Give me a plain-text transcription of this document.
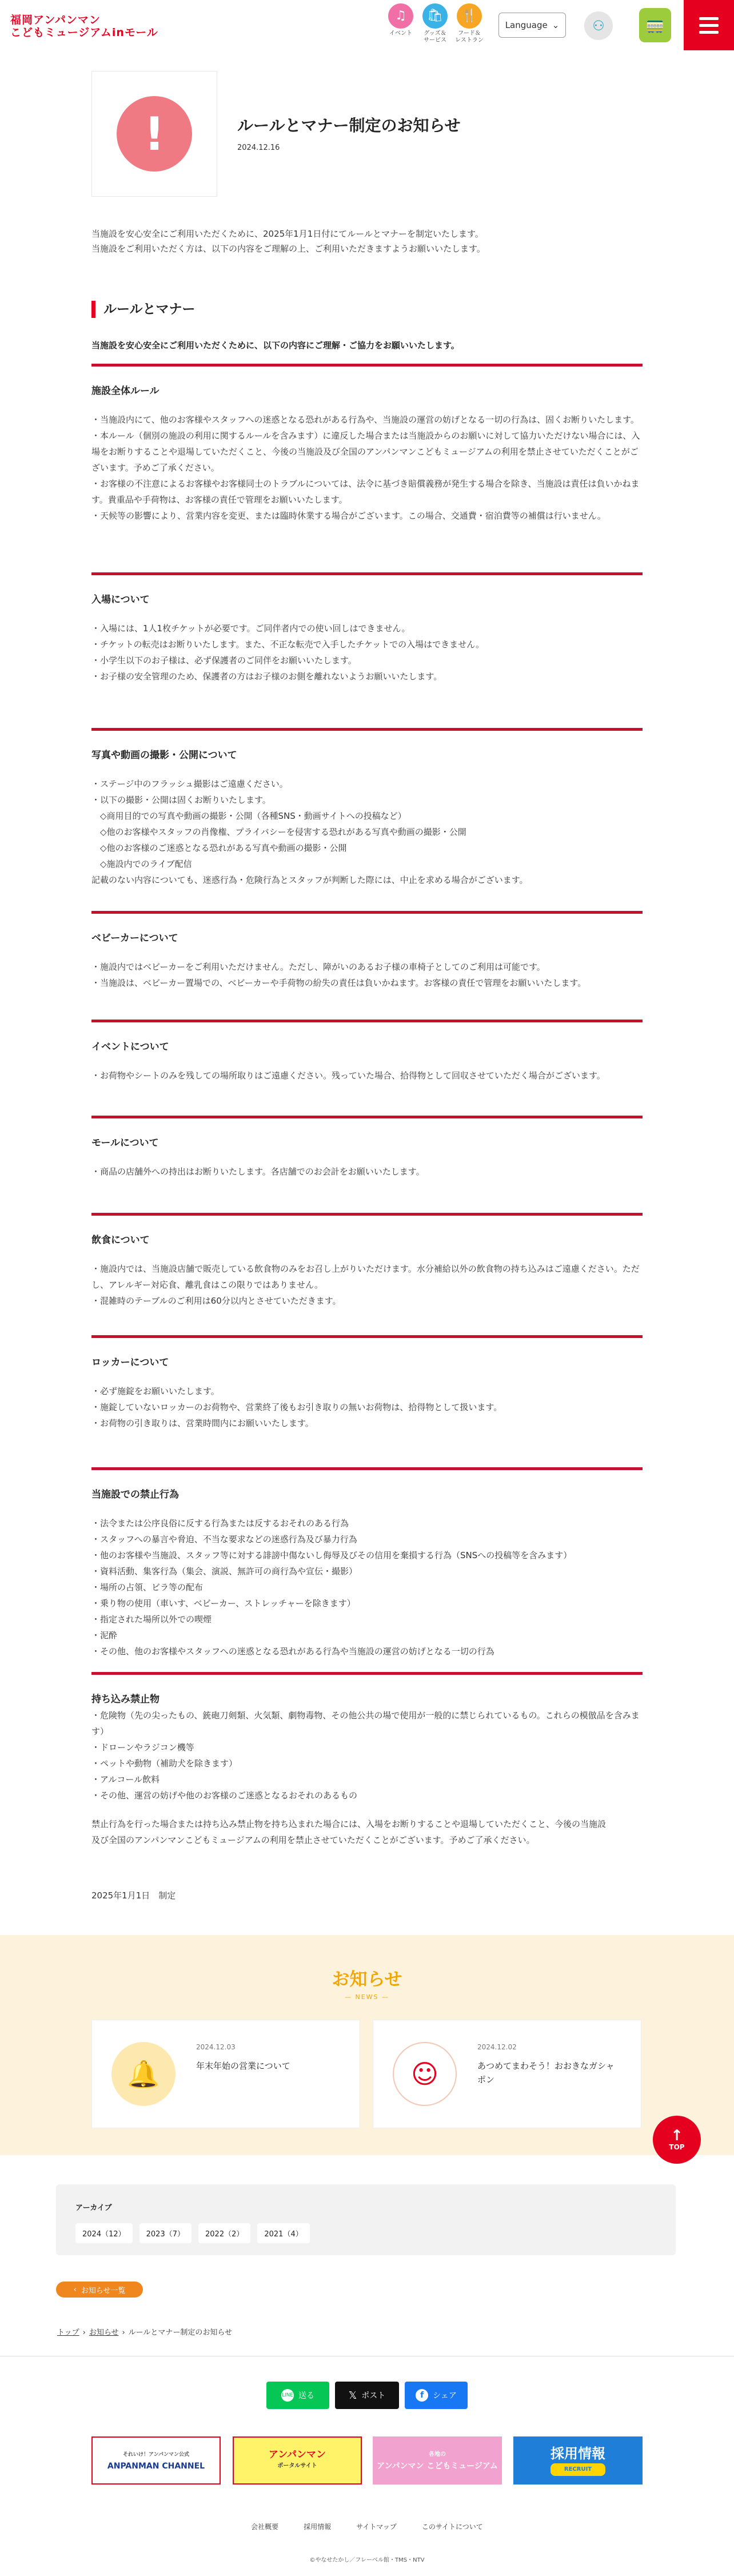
福岡アンパンマン
こどもミュージアムinモール
♫
イベント
🛍
グッズ＆
サービス
🍴
フード＆
レストラン
Language ⌄	⚇	🚃
!	ルールとマナー制定のお知らせ
2024.12.16

当施設を安心安全にご利用いただくために、2025年1月1日付にてルールとマナーを制定いたします。

当施設をご利用いただく方は、以下の内容をご理解の上、ご利用いただきますようお願いいたします。

ルールとマナー
当施設を安心安全にご利用いただくために、以下の内容にご理解・ご協力をお願いいたします。
施設全体ルール

・当施設内にて、他のお客様やスタッフへの迷惑となる恐れがある行為や、当施設の運営の妨げとなる一切の行為は、固くお断りいたします。

・本ルール（個別の施設の利用に関するルールを含みます）に違反した場合または当施設からのお願いに対して協力いただけない場合には、入場をお断りすることや退場していただくこと、今後の当施設及び全国のアンパンマンこどもミュージアムの利用を禁止させていただくことがございます。予めご了承ください。

・お客様の不注意によるお客様やお客様同士のトラブルについては、法令に基づき賠償義務が発生する場合を除き、当施設は責任は負いかねます。貴重品や手荷物は、お客様の責任で管理をお願いいたします。

・天候等の影響により、営業内容を変更、または臨時休業する場合がございます。この場合、交通費・宿泊費等の補償は行いません。

入場について

・入場には、1人1枚チケットが必要です。ご同伴者内での使い回しはできません。

・チケットの転売はお断りいたします。また、不正な転売で入手したチケットでの入場はできません。

・小学生以下のお子様は、必ず保護者のご同伴をお願いいたします。

・お子様の安全管理のため、保護者の方はお子様のお側を離れないようお願いいたします。

写真や動画の撮影・公開について

・ステージ中のフラッシュ撮影はご遠慮ください。

・以下の撮影・公開は固くお断りいたします。

　◇商用目的での写真や動画の撮影・公開（各種SNS・動画サイトへの投稿など）

　◇他のお客様やスタッフの肖像権、プライバシーを侵害する恐れがある写真や動画の撮影・公開

　◇他のお客様のご迷惑となる恐れがある写真や動画の撮影・公開

　◇施設内でのライブ配信

記載のない内容についても、迷惑行為・危険行為とスタッフが判断した際には、中止を求める場合がございます。

ベビーカーについて

・施設内ではベビーカーをご利用いただけません。ただし、障がいのあるお子様の車椅子としてのご利用は可能です。

・当施設は、ベビーカー置場での、ベビーカーや手荷物の紛失の責任は負いかねます。お客様の責任で管理をお願いいたします。

イベントについて

・お荷物やシートのみを残しての場所取りはご遠慮ください。残っていた場合、拾得物として回収させていただく場合がございます。

モールについて

・商品の店舗外への持出はお断りいたします。各店舗でのお会計をお願いいたします。

飲食について

・施設内では、当施設店舗で販売している飲食物のみをお召し上がりいただけます。水分補給以外の飲食物の持ち込みはご遠慮ください。ただし、アレルギー対応食、離乳食はこの限りではありません。

・混雑時のテーブルのご利用は60分以内とさせていただきます。

ロッカーについて

・必ず施錠をお願いいたします。

・施錠していないロッカーのお荷物や、営業終了後もお引き取りの無いお荷物は、拾得物として扱います。

・お荷物の引き取りは、営業時間内にお願いいたします。

当施設での禁止行為

・法令または公序良俗に反する行為または反するおそれのある行為

・スタッフへの暴言や脅迫、不当な要求などの迷惑行為及び暴力行為

・他のお客様や当施設、スタッフ等に対する誹謗中傷ないし侮辱及びその信用を棄損する行為（SNSへの投稿等を含みます）

・資料活動、集客行為（集会、演説、無許可の商行為や宣伝・撮影）

・場所の占領、ビラ等の配布

・乗り物の使用（車いす、ベビーカー、ストレッチャーを除きます）

・指定された場所以外での喫煙

・泥酔

・その他、他のお客様やスタッフへの迷惑となる恐れがある行為や当施設の運営の妨げとなる一切の行為

持ち込み禁止物

・危険物（先の尖ったもの、銃砲刀剣類、火気類、劇物毒物、その他公共の場で使用が一般的に禁じられているもの。これらの模倣品を含みます）

・ドローンやラジコン機等

・ペットや動物（補助犬を除きます）

・アルコール飲料

・その他、運営の妨げや他のお客様のご迷惑となるおそれのあるもの

禁止行為を行った場合または持ち込み禁止物を持ち込まれた場合には、入場をお断りすることや退場していただくこと、今後の当施設

及び全国のアンパンマンこどもミュージアムの利用を禁止させていただくことがございます。予めご了承ください。

2025年1月1日　制定
お知らせ
— NEWS —
🔔
2024.12.03
年末年始の営業について	☺
2024.12.02
あつめてまわそう！おおきなガシャポン
↑
TOP
アーカイブ
2024（12）	2023（7）	2022（2）	2021（4）
‹ お知らせ一覧
トップ › お知らせ › ルールとマナー制定のお知らせ
LINE 送る	𝕏 ポスト	f	シェア
それいけ！アンパンマン公式
ANPANMAN CHANNEL
アンパンマン
ポータルサイト
各地の
アンパンマン こどもミュージアム
採用情報
RECRUIT
会社概要	採用情報	サイトマップ	このサイトについて
©やなせたかし／フレーベル館・TMS・NTV
